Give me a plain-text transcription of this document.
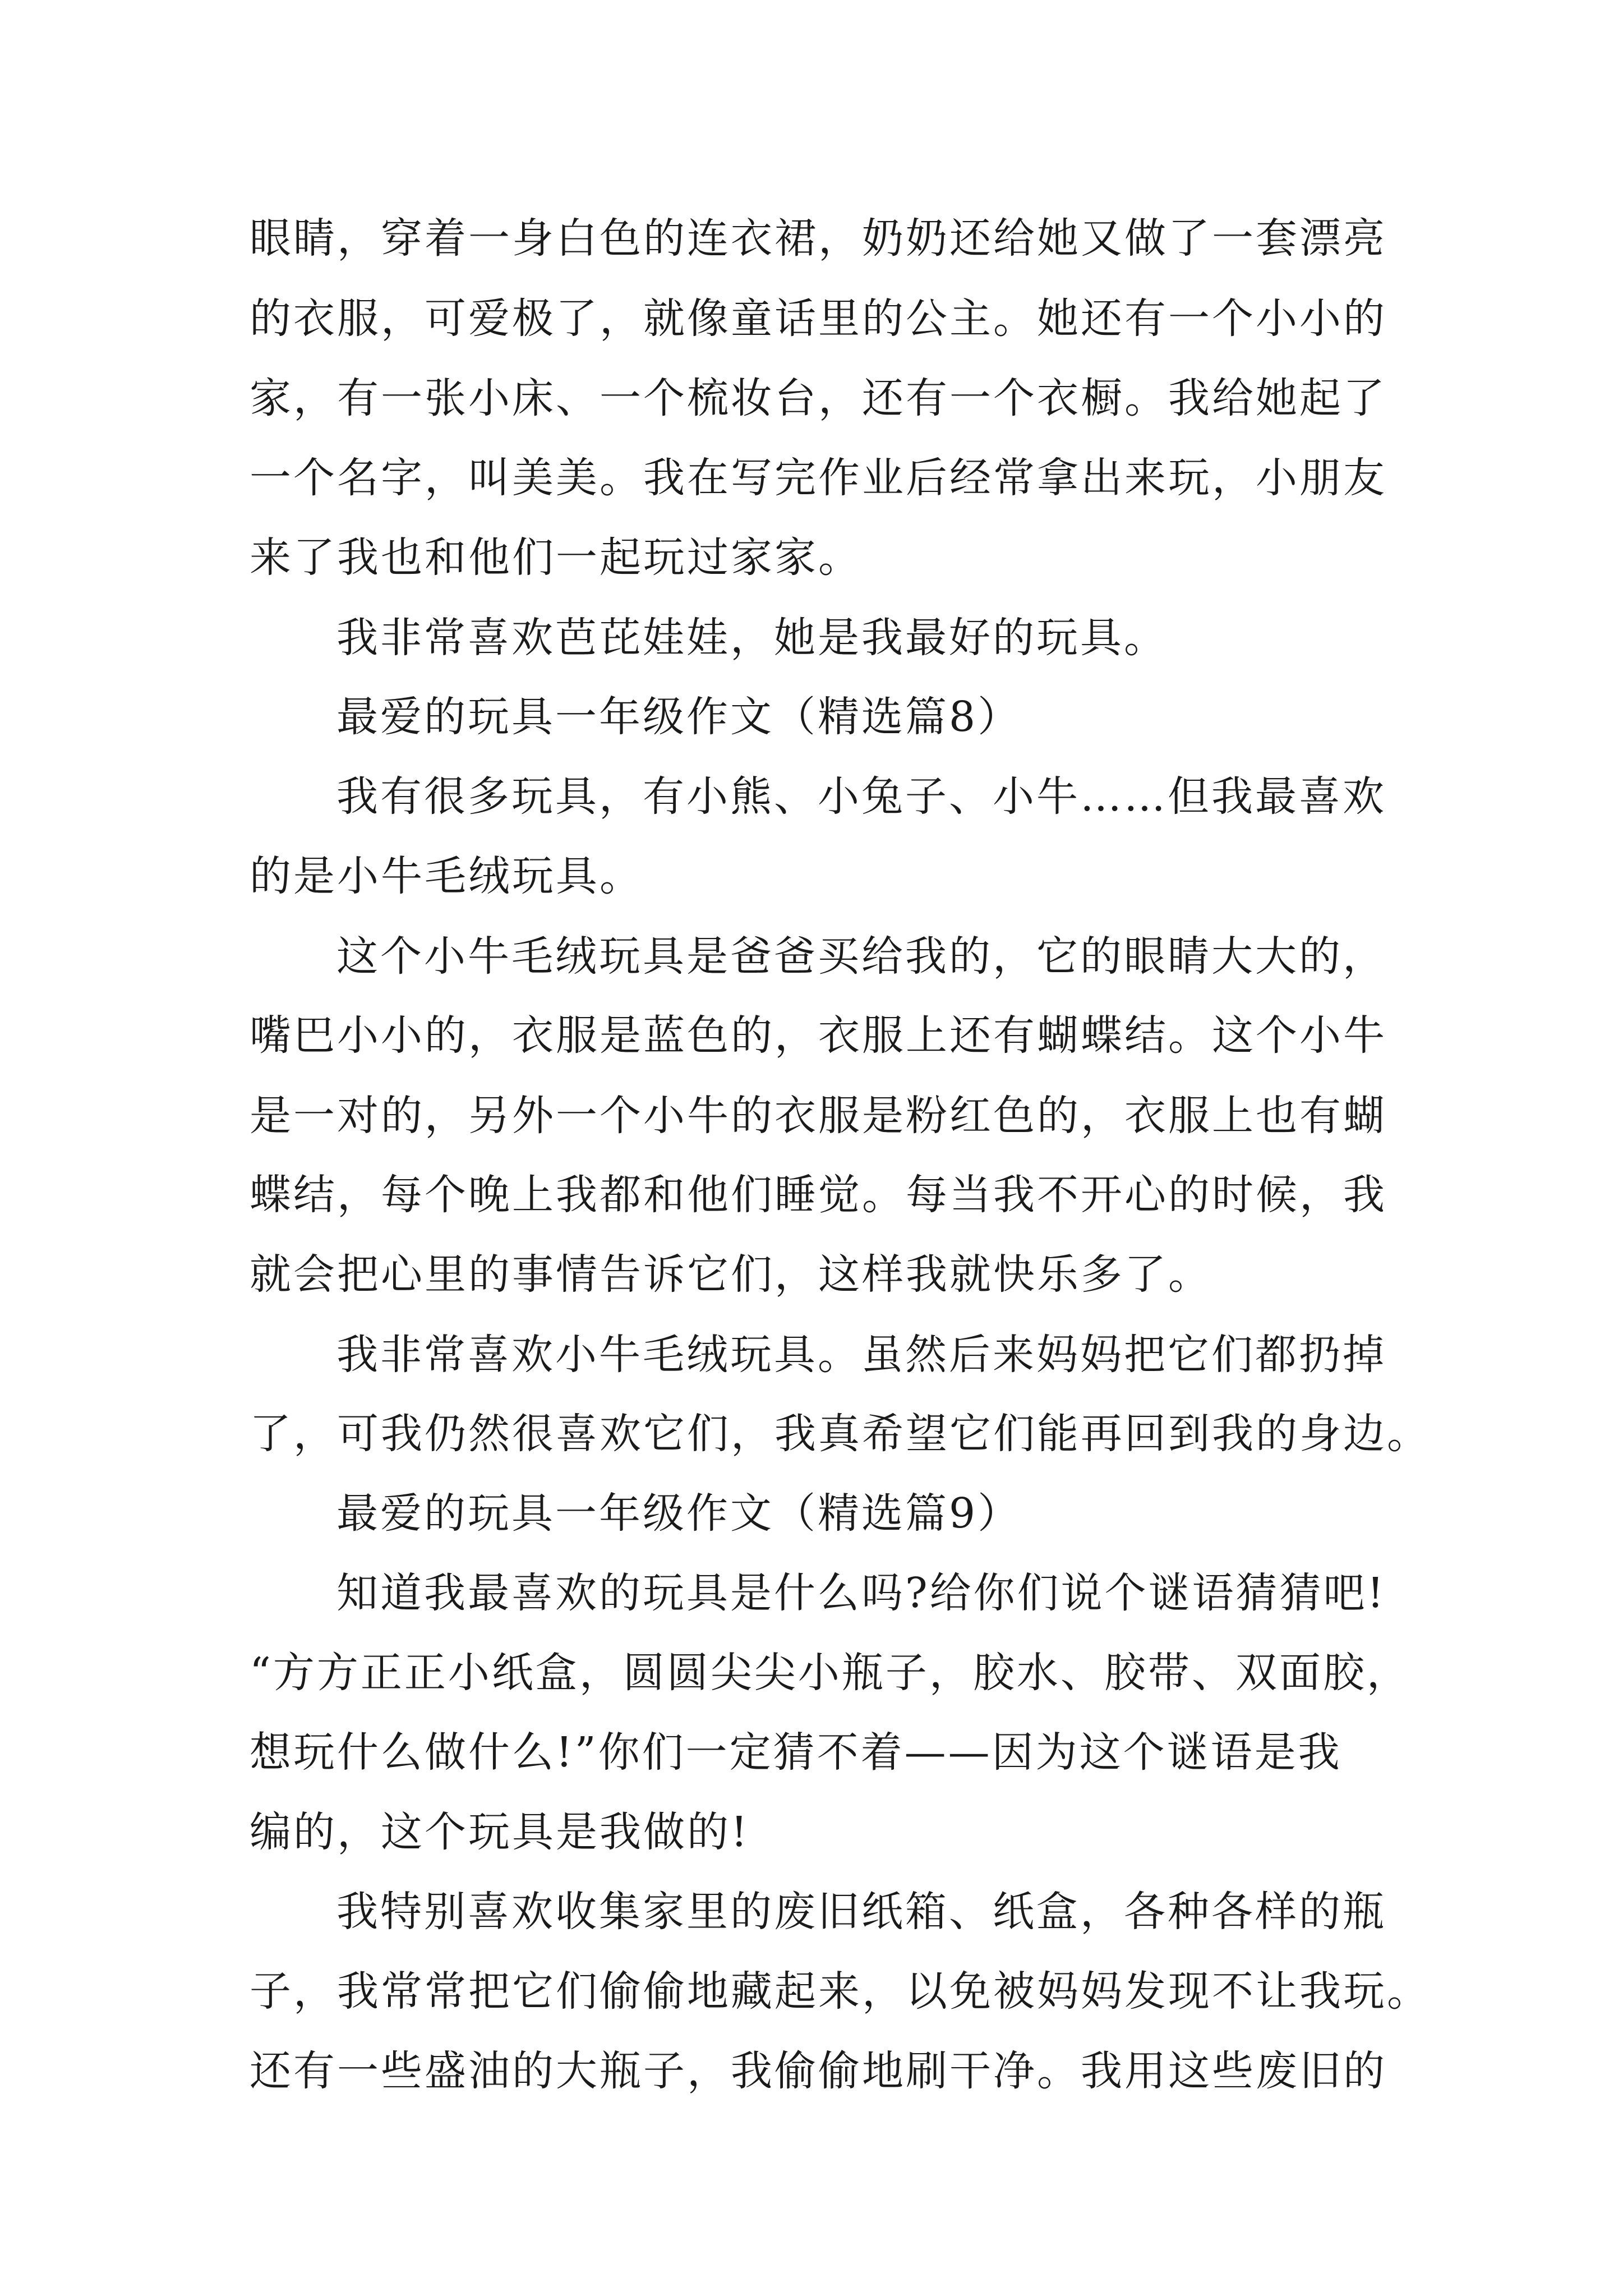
眼睛，穿着一身白色的连衣裙，奶奶还给她又做了一套漂亮
的衣服，可爱极了，就像童话里的公主。她还有一个小小的
家，有一张小床、一个梳妆台，还有一个衣橱。我给她起了
一个名字，叫美美。我在写完作业后经常拿出来玩，小朋友
来了我也和他们一起玩过家家。
我非常喜欢芭芘娃娃，她是我最好的玩具。
最爱的玩具一年级作文（精选篇8）
我有很多玩具，有小熊、小兔子、小牛……但我最喜欢
的是小牛毛绒玩具。
这个小牛毛绒玩具是爸爸买给我的，它的眼睛大大的，
嘴巴小小的，衣服是蓝色的，衣服上还有蝴蝶结。这个小牛
是一对的，另外一个小牛的衣服是粉红色的，衣服上也有蝴
蝶结，每个晚上我都和他们睡觉。每当我不开心的时候，我
就会把心里的事情告诉它们，这样我就快乐多了。
我非常喜欢小牛毛绒玩具。虽然后来妈妈把它们都扔掉
了，可我仍然很喜欢它们，我真希望它们能再回到我的身边。
最爱的玩具一年级作文（精选篇9）
知道我最喜欢的玩具是什么吗?给你们说个谜语猜猜吧!
“方方正正小纸盒，圆圆尖尖小瓶子，胶水、胶带、双面胶，
想玩什么做什么!”你们一定猜不着——因为这个谜语是我
编的，这个玩具是我做的!
我特别喜欢收集家里的废旧纸箱、纸盒，各种各样的瓶
子，我常常把它们偷偷地藏起来，以免被妈妈发现不让我玩。
还有一些盛油的大瓶子，我偷偷地刷干净。我用这些废旧的
